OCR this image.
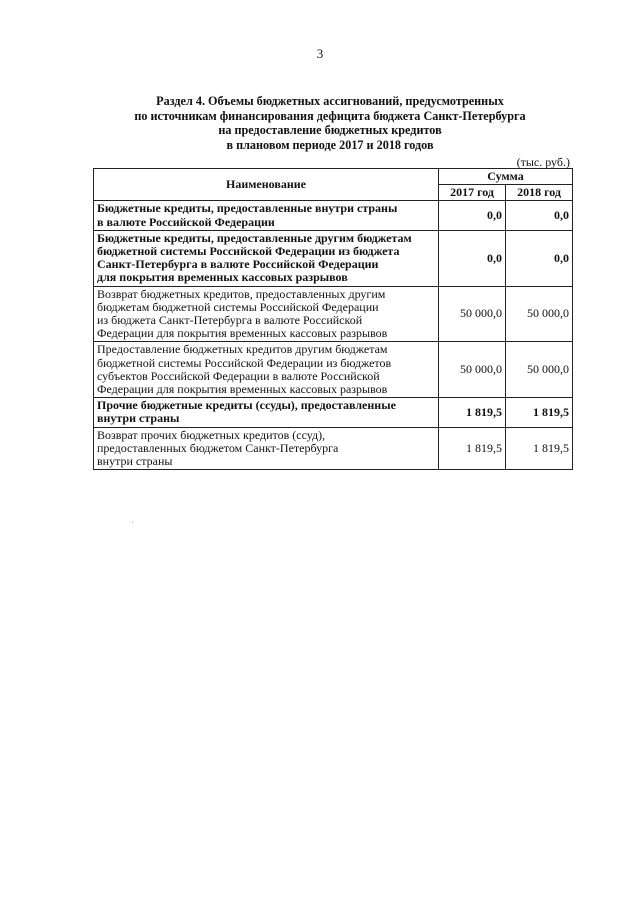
3
Раздел 4. Объемы бюджетных ассигнований, предусмотренных
по источникам финансирования дефицита бюджета Санкт-Петербурга
на предоставление бюджетных кредитов
в плановом периоде 2017 и 2018 годов
(тыс. руб.)
Наименование	Сумма	
	2017 год	2018 год

Бюджетные кредиты, предоставленные внутри страны
в валюте Российской Федерации	0,0	0,0

Бюджетные кредиты, предоставленные другим бюджетам
бюджетной системы Российской Федерации из бюджета
Санкт-Петербурга в валюте Российской Федерации
для покрытия временных кассовых разрывов	0,0	0,0

Возврат бюджетных кредитов, предоставленных другим
бюджетам бюджетной системы Российской Федерации
из бюджета Санкт-Петербурга в валюте Российской
Федерации для покрытия временных кассовых разрывов	50 000,0	50 000,0

Предоставление бюджетных кредитов другим бюджетам
бюджетной системы Российской Федерации из бюджетов
субъектов Российской Федерации в валюте Российской
Федерации для покрытия временных кассовых разрывов	50 000,0	50 000,0

Прочие бюджетные кредиты (ссуды), предоставленные
внутри страны	1 819,5	1 819,5

Возврат прочих бюджетных кредитов (ссуд),
предоставленных бюджетом Санкт-Петербурга
внутри страны	1 819,5	1 819,5
·
